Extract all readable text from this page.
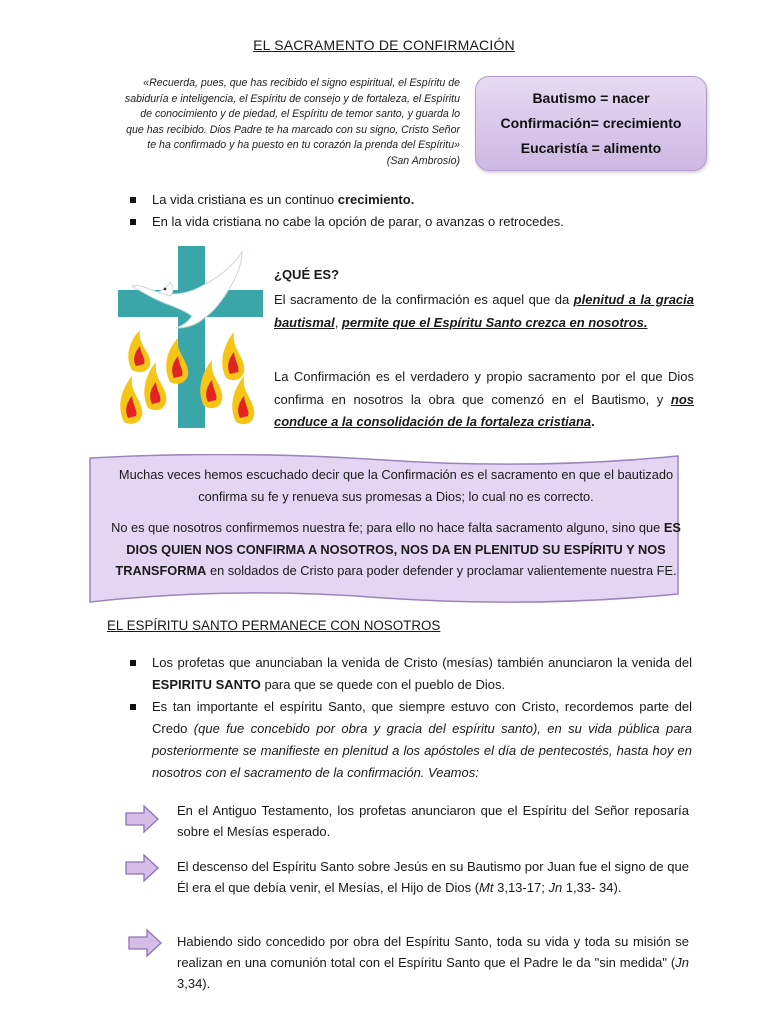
EL SACRAMENTO DE CONFIRMACIÓN
«Recuerda, pues, que has recibido el signo espiritual, el Espíritu de
sabiduría e inteligencia, el Espíritu de consejo y de fortaleza, el Espíritu
de conocimiento y de piedad, el Espíritu de temor santo, y guarda lo
que has recibido. Dios Padre te ha marcado con su signo, Cristo Señor
te ha confirmado y ha puesto en tu corazón la prenda del Espíritu»
(San Ambrosio)
Bautismo = nacer
Confirmación= crecimiento
Eucaristía = alimento
La vida cristiana es un continuo crecimiento.
En la vida cristiana no cabe la opción de parar, o avanzas o retrocedes.
¿QUÉ ES?
El sacramento de la confirmación es aquel que da plenitud a la gracia bautismal, permite que el Espíritu Santo crezca en nosotros.
La Confirmación es el verdadero y propio sacramento por el que Dios confirma en nosotros la obra que comenzó en el Bautismo, y nos conduce a la consolidación de la fortaleza cristiana.

Muchas veces hemos escuchado decir que la Confirmación es el sacramento en que el bautizado confirma su fe y renueva sus promesas a Dios; lo cual no es correcto.

No es que nosotros confirmemos nuestra fe; para ello no hace falta sacramento alguno, sino que ES DIOS QUIEN NOS CONFIRMA A NOSOTROS, NOS DA EN PLENITUD SU ESPÍRITU Y NOS TRANSFORMA en soldados de Cristo para poder defender y proclamar valientemente nuestra FE.

EL ESPÍRITU SANTO PERMANECE CON NOSOTROS
Los profetas que anunciaban la venida de Cristo (mesías) también anunciaron la venida del ESPIRITU SANTO para que se quede con el pueblo de Dios.
Es tan importante el espíritu Santo, que siempre estuvo con Cristo, recordemos parte del Credo (que fue concebido por obra y gracia del espíritu santo), en su vida pública para posteriormente se manifieste en plenitud a los apóstoles el día de pentecostés, hasta hoy en nosotros con el sacramento de la confirmación. Veamos:
En el Antiguo Testamento, los profetas anunciaron que el Espíritu del Señor reposaría sobre el Mesías esperado.
El descenso del Espíritu Santo sobre Jesús en su Bautismo por Juan fue el signo de que Él era el que debía venir, el Mesías, el Hijo de Dios (Mt 3,13-17; Jn 1,33- 34).
Habiendo sido concedido por obra del Espíritu Santo, toda su vida y toda su misión se realizan en una comunión total con el Espíritu Santo que el Padre le da "sin medida" (Jn 3,34).
